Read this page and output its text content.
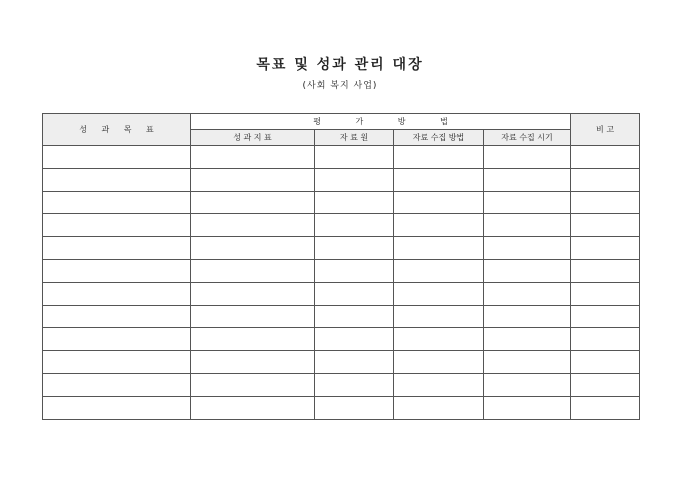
목표 및 성과 관리 대장
(사회 복지 사업)
성 과 목 표	평 가 방 법				비 고
	성 과 지 표	자 료 원	자료 수집 방법	자료 수집 시기	
